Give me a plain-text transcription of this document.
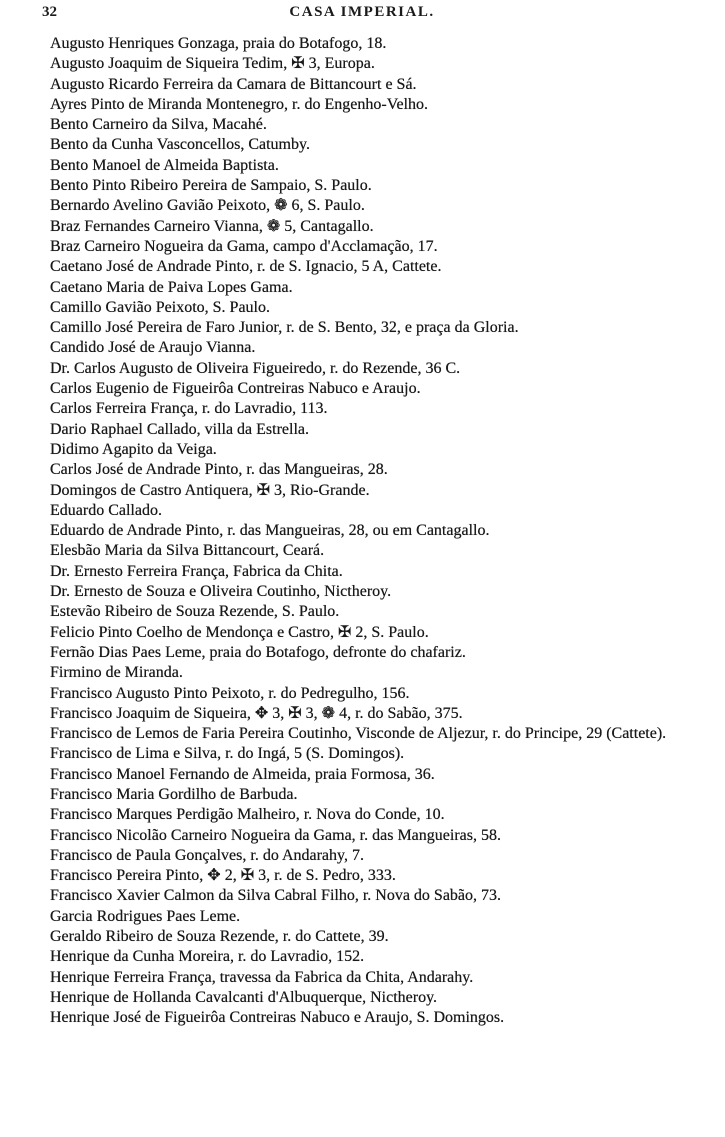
32	CASA IMPERIAL.
Augusto Henriques Gonzaga, praia do Botafogo, 18.
Augusto Joaquim de Siqueira Tedim, ✠ 3, Europa.
Augusto Ricardo Ferreira da Camara de Bittancourt e Sá.
Ayres Pinto de Miranda Montenegro, r. do Engenho-Velho.
Bento Carneiro da Silva, Macahé.
Bento da Cunha Vasconcellos, Catumby.
Bento Manoel de Almeida Baptista.
Bento Pinto Ribeiro Pereira de Sampaio, S. Paulo.
Bernardo Avelino Gavião Peixoto, ❁ 6, S. Paulo.
Braz Fernandes Carneiro Vianna, ❁ 5, Cantagallo.
Braz Carneiro Nogueira da Gama, campo d'Acclamação, 17.
Caetano José de Andrade Pinto, r. de S. Ignacio, 5 A, Cattete.
Caetano Maria de Paiva Lopes Gama.
Camillo Gavião Peixoto, S. Paulo.
Camillo José Pereira de Faro Junior, r. de S. Bento, 32, e praça da Gloria.
Candido José de Araujo Vianna.
Dr. Carlos Augusto de Oliveira Figueiredo, r. do Rezende, 36 C.
Carlos Eugenio de Figueirôa Contreiras Nabuco e Araujo.
Carlos Ferreira França, r. do Lavradio, 113.
Dario Raphael Callado, villa da Estrella.
Didimo Agapito da Veiga.
Carlos José de Andrade Pinto, r. das Mangueiras, 28.
Domingos de Castro Antiquera, ✠ 3, Rio-Grande.
Eduardo Callado.
Eduardo de Andrade Pinto, r. das Mangueiras, 28, ou em Cantagallo.
Elesbão Maria da Silva Bittancourt, Ceará.
Dr. Ernesto Ferreira França, Fabrica da Chita.
Dr. Ernesto de Souza e Oliveira Coutinho, Nictheroy.
Estevão Ribeiro de Souza Rezende, S. Paulo.
Felicio Pinto Coelho de Mendonça e Castro, ✠ 2, S. Paulo.
Fernão Dias Paes Leme, praia do Botafogo, defronte do chafariz.
Firmino de Miranda.
Francisco Augusto Pinto Peixoto, r. do Pedregulho, 156.
Francisco Joaquim de Siqueira, ✥ 3, ✠ 3, ❁ 4, r. do Sabão, 375.
Francisco de Lemos de Faria Pereira Coutinho, Visconde de Aljezur, r. do Principe, 29 (Cattete).
Francisco de Lima e Silva, r. do Ingá, 5 (S. Domingos).
Francisco Manoel Fernando de Almeida, praia Formosa, 36.
Francisco Maria Gordilho de Barbuda.
Francisco Marques Perdigão Malheiro, r. Nova do Conde, 10.
Francisco Nicolão Carneiro Nogueira da Gama, r. das Mangueiras, 58.
Francisco de Paula Gonçalves, r. do Andarahy, 7.
Francisco Pereira Pinto, ✥ 2, ✠ 3, r. de S. Pedro, 333.
Francisco Xavier Calmon da Silva Cabral Filho, r. Nova do Sabão, 73.
Garcia Rodrigues Paes Leme.
Geraldo Ribeiro de Souza Rezende, r. do Cattete, 39.
Henrique da Cunha Moreira, r. do Lavradio, 152.
Henrique Ferreira França, travessa da Fabrica da Chita, Andarahy.
Henrique de Hollanda Cavalcanti d'Albuquerque, Nictheroy.
Henrique José de Figueirôa Contreiras Nabuco e Araujo, S. Domingos.
